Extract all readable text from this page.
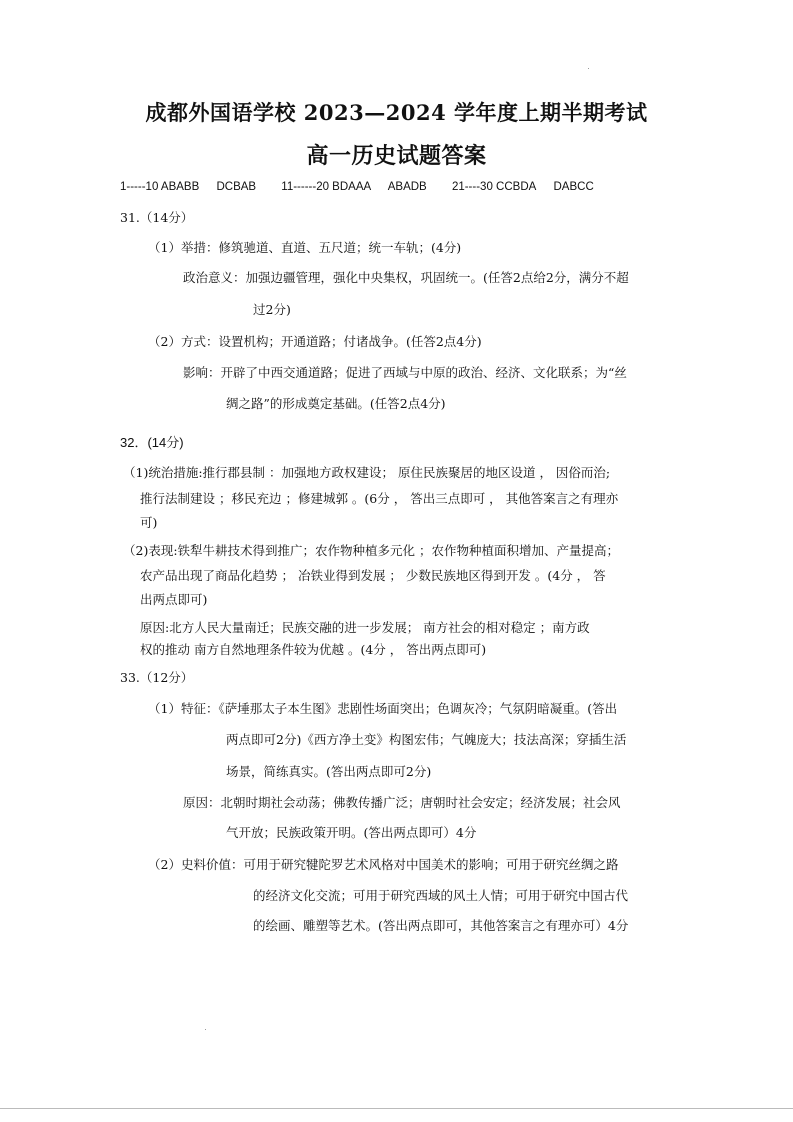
成都外国语学校 2023—2024 学年度上期半期考试
高一历史试题答案
1-----10 ABABB DCBAB 11------20 BDAAA ABADB 21----30 CCBDA DABCC
31.（14分）
（1）举措：修筑驰道、直道、五尺道；统一车轨；(4分)
政治意义：加强边疆管理，强化中央集权，巩固统一。(任答2点给2分，满分不超
过2分)
（2）方式：设置机构；开通道路；付诸战争。(任答2点4分)
影响：开辟了中西交通道路；促进了西域与中原的政治、经济、文化联系；为“丝
绸之路”的形成奠定基础。(任答2点4分)
32．(14分)
（1)统治措施:推行郡县制 ：加强地方政权建设； 原住民族聚居的地区设道 ， 因俗而治;
推行法制建设 ；移民充边 ；修建城郭 。(6分 ， 答出三点即可 ， 其他答案言之有理亦
可)
（2)表现:铁犁牛耕技术得到推广；农作物种植多元化 ；农作物种植面积增加、产量提高；
农产品出现了商品化趋势 ； 冶铁业得到发展 ； 少数民族地区得到开发 。(4分 ， 答
出两点即可)
原因:北方人民大量南迁；民族交融的进一步发展； 南方社会的相对稳定 ；南方政
权的推动 南方自然地理条件较为优越 。(4分 ， 答出两点即可)
33.（12分）
（1）特征：《萨埵那太子本生图》悲剧性场面突出；色调灰冷；气氛阴暗凝重。(答出
两点即可2分)《西方净土变》构图宏伟；气魄庞大；技法高深；穿插生活
场景，简练真实。(答出两点即可2分)
原因：北朝时期社会动荡；佛教传播广泛；唐朝时社会安定；经济发展；社会风
气开放；民族政策开明。(答出两点即可）4分
（2）史料价值：可用于研究犍陀罗艺术风格对中国美术的影响；可用于研究丝绸之路
的经济文化交流；可用于研究西域的风土人情；可用于研究中国古代
的绘画、雕塑等艺术。(答出两点即可，其他答案言之有理亦可）4分
